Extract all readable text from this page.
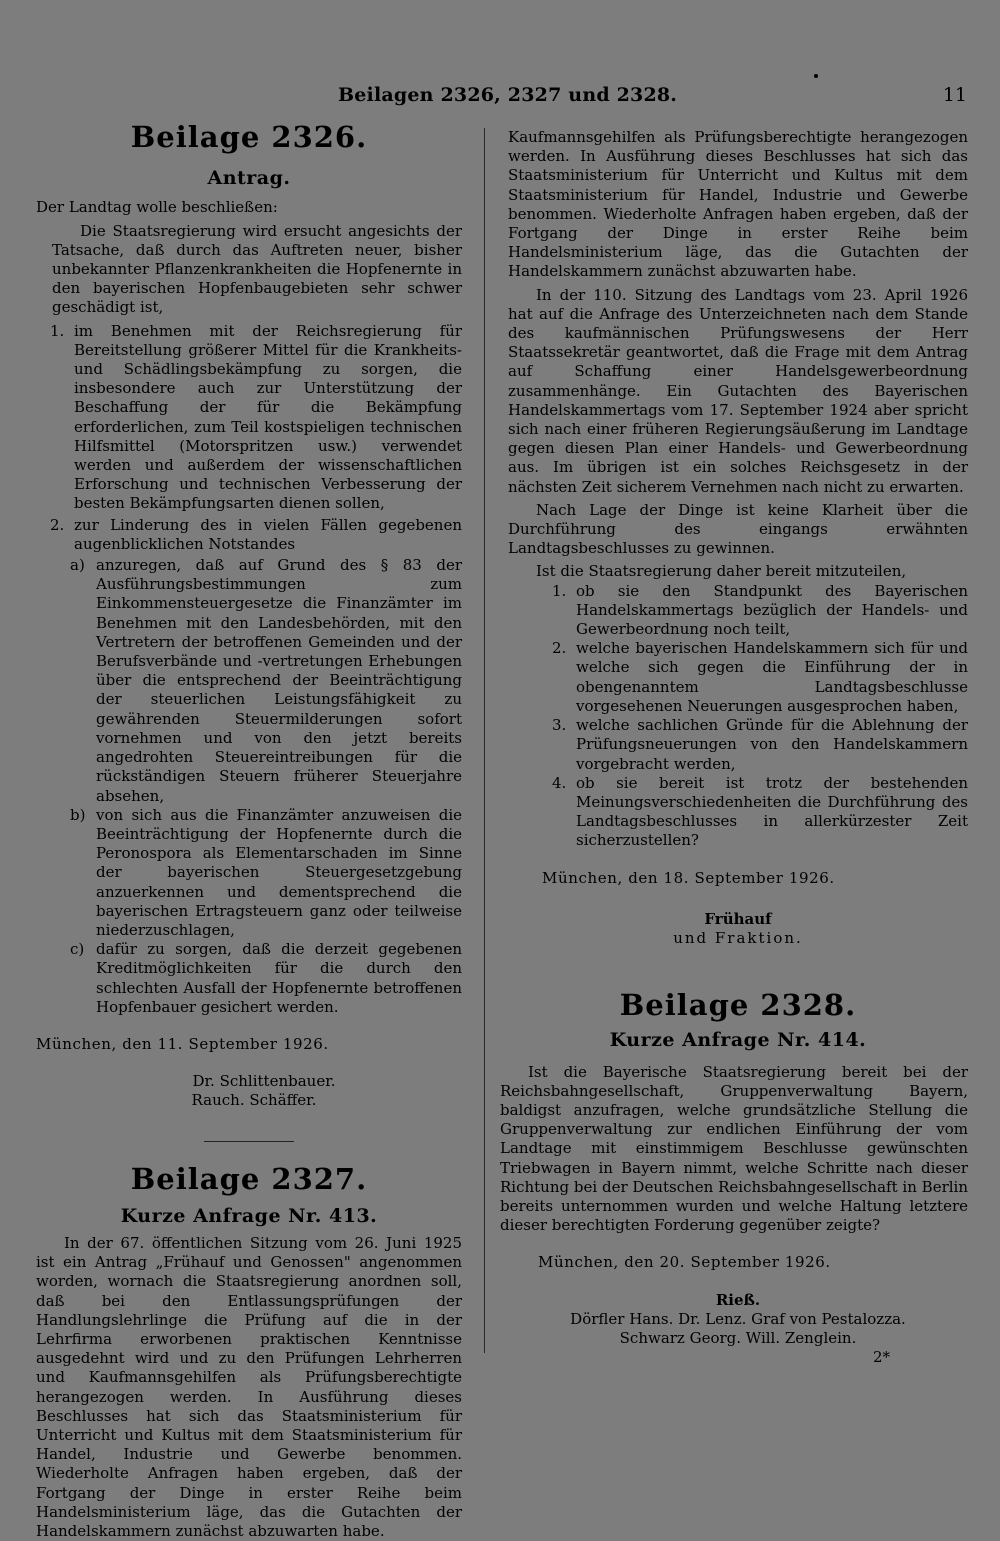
Beilagen 2326, 2327 und 2328.	11
Beilage 2326.
Antrag.

Der Landtag wolle beschließen:

Die Staatsregierung wird ersucht angesichts der Tatsache, daß durch das Auftreten neuer, bisher unbekannter Pflanzenkrankheiten die Hopfenernte in den bayerischen Hopfenbaugebieten sehr schwer geschädigt ist,

1. im Benehmen mit der Reichsregierung für Bereitstellung größerer Mittel für die Krankheits- und Schädlingsbekämpfung zu sorgen, die insbesondere auch zur Unterstützung der Beschaffung der für die Bekämpfung erforderlichen, zum Teil kostspieligen technischen Hilfsmittel (Motorspritzen usw.) verwendet werden und außerdem der wissenschaftlichen Erforschung und technischen Verbesserung der besten Bekämpfungsarten dienen sollen,
2. zur Linderung des in vielen Fällen gegebenen augenblicklichen Notstandes
a) anzuregen, daß auf Grund des § 83 der Ausführungsbestimmungen zum Einkommensteuergesetze die Finanzämter im Benehmen mit den Landesbehörden, mit den Vertretern der betroffenen Gemeinden und der Berufsverbände und -vertretungen Erhebungen über die entsprechend der Beeinträchtigung der steuerlichen Leistungsfähigkeit zu gewährenden Steuermilderungen sofort vornehmen und von den jetzt bereits angedrohten Steuereintreibungen für die rückständigen Steuern früherer Steuerjahre absehen,
b) von sich aus die Finanzämter anzuweisen die Beeinträchtigung der Hopfenernte durch die Peronospora als Elementarschaden im Sinne der bayerischen Steuergesetzgebung anzuerkennen und dementsprechend die bayerischen Ertragsteuern ganz oder teilweise niederzuschlagen,
c) dafür zu sorgen, daß die derzeit gegebenen Kreditmöglichkeiten für die durch den schlechten Ausfall der Hopfenernte betroffenen Hopfenbauer gesichert werden.

München, den 11. September 1926.

Dr. Schlittenbauer.

Rauch. Schäffer.

Beilage 2327.
Kurze Anfrage Nr. 413.

In der 67. öffentlichen Sitzung vom 26. Juni 1925 ist ein Antrag „Frühauf und Genossen" angenommen worden, wornach die Staatsregierung anordnen soll, daß bei den Entlassungsprüfungen der Handlungslehrlinge die Prüfung auf die in der Lehrfirma erworbenen praktischen Kenntnisse ausgedehnt wird und zu den Prüfungen Lehrherren und Kaufmannsgehilfen als Prüfungsberechtigte herangezogen werden. In Ausführung dieses Beschlusses hat sich das Staatsministerium für Unterricht und Kultus mit dem Staatsministerium für Handel, Industrie und Gewerbe benommen. Wiederholte Anfragen haben ergeben, daß der Fortgang der Dinge in erster Reihe beim Handelsministerium läge, das die Gutachten der Handelskammern zunächst abzuwarten habe.

Kaufmannsgehilfen als Prüfungsberechtigte herangezogen werden. In Ausführung dieses Beschlusses hat sich das Staatsministerium für Unterricht und Kultus mit dem Staatsministerium für Handel, Industrie und Gewerbe benommen. Wiederholte Anfragen haben ergeben, daß der Fortgang der Dinge in erster Reihe beim Handelsministerium läge, das die Gutachten der Handelskammern zunächst abzuwarten habe.

In der 110. Sitzung des Landtags vom 23. April 1926 hat auf die Anfrage des Unterzeichneten nach dem Stande des kaufmännischen Prüfungswesens der Herr Staatssekretär geantwortet, daß die Frage mit dem Antrag auf Schaffung einer Handelsgewerbeordnung zusammenhänge. Ein Gutachten des Bayerischen Handelskammertags vom 17. September 1924 aber spricht sich nach einer früheren Regierungsäußerung im Landtage gegen diesen Plan einer Handels- und Gewerbeordnung aus. Im übrigen ist ein solches Reichsgesetz in der nächsten Zeit sicherem Vernehmen nach nicht zu erwarten.

Nach Lage der Dinge ist keine Klarheit über die Durchführung des eingangs erwähnten Landtagsbeschlusses zu gewinnen.

Ist die Staatsregierung daher bereit mitzuteilen,

1. ob sie den Standpunkt des Bayerischen Handelskammertags bezüglich der Handels- und Gewerbeordnung noch teilt,
2. welche bayerischen Handelskammern sich für und welche sich gegen die Einführung der in obengenanntem Landtagsbeschlusse vorgesehenen Neuerungen ausgesprochen haben,
3. welche sachlichen Gründe für die Ablehnung der Prüfungsneuerungen von den Handelskammern vorgebracht werden,
4. ob sie bereit ist trotz der bestehenden Meinungsverschiedenheiten die Durchführung des Landtagsbeschlusses in allerkürzester Zeit sicherzustellen?

München, den 18. September 1926.

Frühauf

und Fraktion.

Beilage 2328.
Kurze Anfrage Nr. 414.

Ist die Bayerische Staatsregierung bereit bei der Reichsbahngesellschaft, Gruppenverwaltung Bayern, baldigst anzufragen, welche grundsätzliche Stellung die Gruppenverwaltung zur endlichen Einführung der vom Landtage mit einstimmigem Beschlusse gewünschten Triebwagen in Bayern nimmt, welche Schritte nach dieser Richtung bei der Deutschen Reichsbahngesellschaft in Berlin bereits unternommen wurden und welche Haltung letztere dieser berechtigten Forderung gegenüber zeigte?

München, den 20. September 1926.

Rieß.

Dörfler Hans. Dr. Lenz. Graf von Pestalozza.

Schwarz Georg. Will. Zenglein.

2*
